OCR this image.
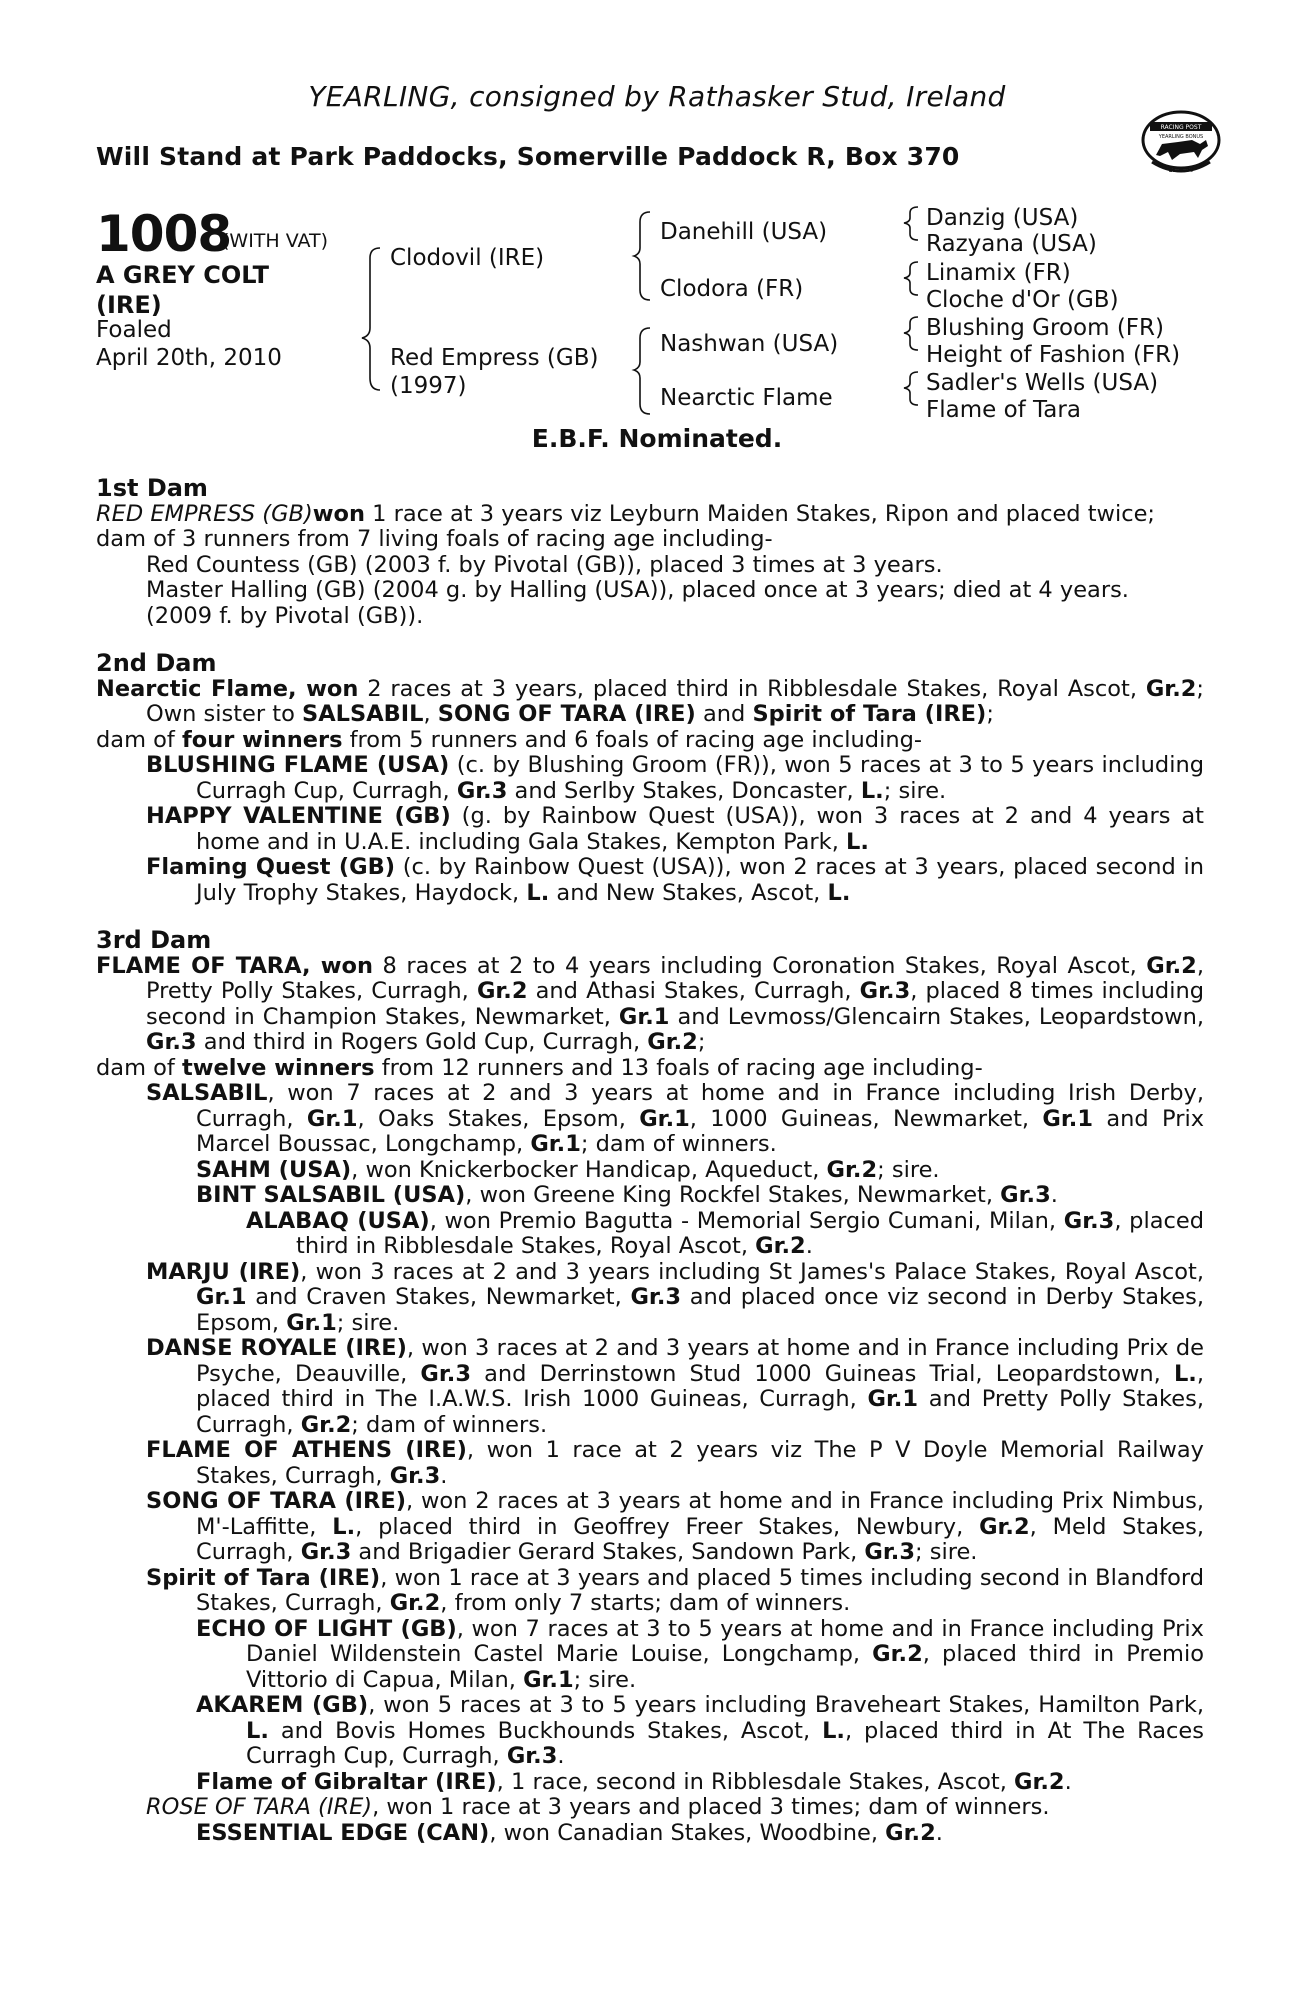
YEARLING, consigned by Rathasker Stud, Ireland
Will Stand at Park Paddocks, Somerville Paddock R, Box 370
RACING POST
YEARLING BONUS
£10,000
1008
(WITH VAT)
A GREY COLT
(IRE)
Foaled
April 20th, 2010
Clodovil (IRE)
Red Empress (GB)
(1997)
Danehill (USA)
Clodora (FR)
Nashwan (USA)
Nearctic Flame
Danzig (USA)
Razyana (USA)
Linamix (FR)
Cloche d'Or (GB)
Blushing Groom (FR)
Height of Fashion (FR)
Sadler's Wells (USA)
Flame of Tara
E.B.F. Nominated.

1st Dam

RED EMPRESS (GB)won 1 race at 3 years viz Leyburn Maiden Stakes, Ripon and placed twice;

dam of 3 runners from 7 living foals of racing age including-

Red Countess (GB) (2003 f. by Pivotal (GB)), placed 3 times at 3 years.

Master Halling (GB) (2004 g. by Halling (USA)), placed once at 3 years; died at 4 years.

(2009 f. by Pivotal (GB)).

2nd Dam

Nearctic Flame, won 2 races at 3 years, placed third in Ribblesdale Stakes, Royal Ascot, Gr.2; Own sister to SALSABIL, SONG OF TARA (IRE) and Spirit of Tara (IRE);

dam of four winners from 5 runners and 6 foals of racing age including-

BLUSHING FLAME (USA) (c. by Blushing Groom (FR)), won 5 races at 3 to 5 years including Curragh Cup, Curragh, Gr.3 and Serlby Stakes, Doncaster, L.; sire.

HAPPY VALENTINE (GB) (g. by Rainbow Quest (USA)), won 3 races at 2 and 4 years at home and in U.A.E. including Gala Stakes, Kempton Park, L.

Flaming Quest (GB) (c. by Rainbow Quest (USA)), won 2 races at 3 years, placed second in July Trophy Stakes, Haydock, L. and New Stakes, Ascot, L.

3rd Dam

FLAME OF TARA, won 8 races at 2 to 4 years including Coronation Stakes, Royal Ascot, Gr.2, Pretty Polly Stakes, Curragh, Gr.2 and Athasi Stakes, Curragh, Gr.3, placed 8 times including second in Champion Stakes, Newmarket, Gr.1 and Levmoss/Glencairn Stakes, Leopardstown, Gr.3 and third in Rogers Gold Cup, Curragh, Gr.2;

dam of twelve winners from 12 runners and 13 foals of racing age including-

SALSABIL, won 7 races at 2 and 3 years at home and in France including Irish Derby, Curragh, Gr.1, Oaks Stakes, Epsom, Gr.1, 1000 Guineas, Newmarket, Gr.1 and Prix Marcel Boussac, Longchamp, Gr.1; dam of winners.

SAHM (USA), won Knickerbocker Handicap, Aqueduct, Gr.2; sire.

BINT SALSABIL (USA), won Greene King Rockfel Stakes, Newmarket, Gr.3.

ALABAQ (USA), won Premio Bagutta - Memorial Sergio Cumani, Milan, Gr.3, placed third in Ribblesdale Stakes, Royal Ascot, Gr.2.

MARJU (IRE), won 3 races at 2 and 3 years including St James's Palace Stakes, Royal Ascot, Gr.1 and Craven Stakes, Newmarket, Gr.3 and placed once viz second in Derby Stakes, Epsom, Gr.1; sire.

DANSE ROYALE (IRE), won 3 races at 2 and 3 years at home and in France including Prix de Psyche, Deauville, Gr.3 and Derrinstown Stud 1000 Guineas Trial, Leopardstown, L., placed third in The I.A.W.S. Irish 1000 Guineas, Curragh, Gr.1 and Pretty Polly Stakes, Curragh, Gr.2; dam of winners.

FLAME OF ATHENS (IRE), won 1 race at 2 years viz The P V Doyle Memorial Railway Stakes, Curragh, Gr.3.

SONG OF TARA (IRE), won 2 races at 3 years at home and in France including Prix Nimbus, M'-Laffitte, L., placed third in Geoffrey Freer Stakes, Newbury, Gr.2, Meld Stakes, Curragh, Gr.3 and Brigadier Gerard Stakes, Sandown Park, Gr.3; sire.

Spirit of Tara (IRE), won 1 race at 3 years and placed 5 times including second in Blandford Stakes, Curragh, Gr.2, from only 7 starts; dam of winners.

ECHO OF LIGHT (GB), won 7 races at 3 to 5 years at home and in France including Prix Daniel Wildenstein Castel Marie Louise, Longchamp, Gr.2, placed third in Premio Vittorio di Capua, Milan, Gr.1; sire.

AKAREM (GB), won 5 races at 3 to 5 years including Braveheart Stakes, Hamilton Park, L. and Bovis Homes Buckhounds Stakes, Ascot, L., placed third in At The Races Curragh Cup, Curragh, Gr.3.

Flame of Gibraltar (IRE), 1 race, second in Ribblesdale Stakes, Ascot, Gr.2.

ROSE OF TARA (IRE), won 1 race at 3 years and placed 3 times; dam of winners.

ESSENTIAL EDGE (CAN), won Canadian Stakes, Woodbine, Gr.2.
